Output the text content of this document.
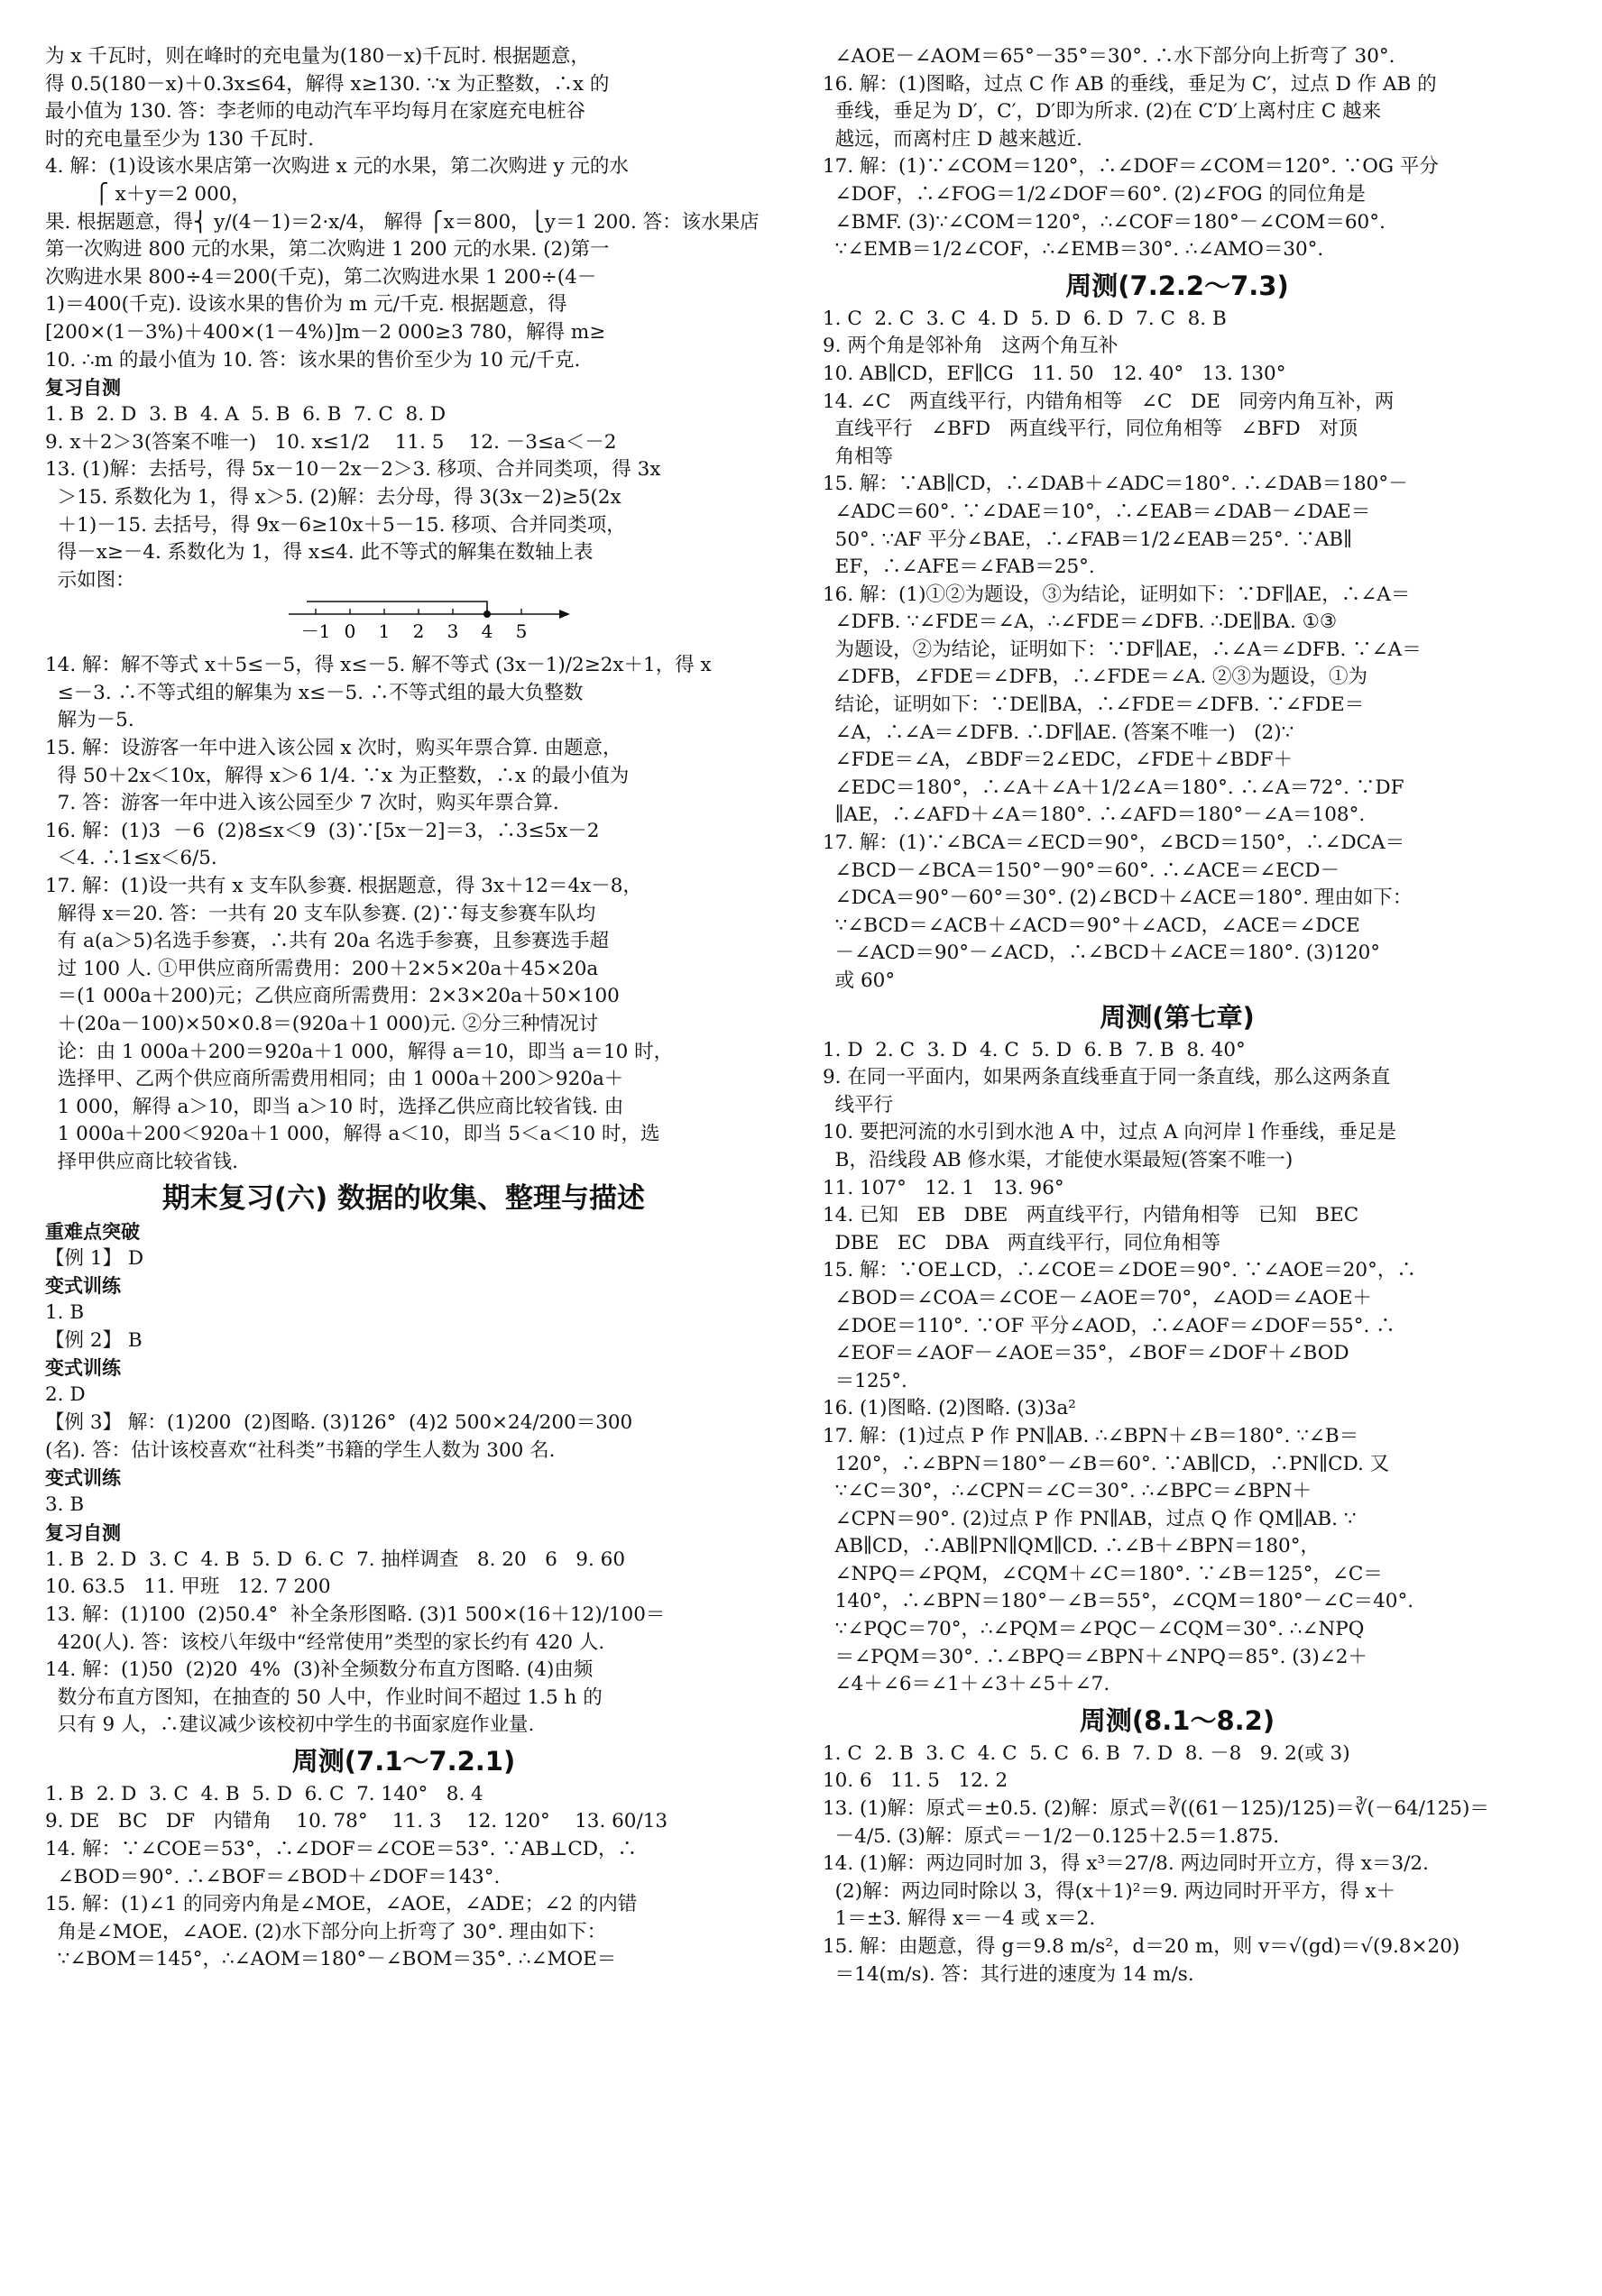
为 x 千瓦时，则在峰时的充电量为(180－x)千瓦时. 根据题意，
得 0.5(180－x)＋0.3x≤64，解得 x≥130. ∵x 为正整数，∴x 的
最小值为 130. 答：李老师的电动汽车平均每月在家庭充电桩谷
时的充电量至少为 130 千瓦时.
4. 解：(1)设该水果店第一次购进 x 元的水果，第二次购进 y 元的水
⎧ x＋y＝2 000，
果. 根据题意，得⎨ y/(4－1)＝2·x/4， 解得 ⎧x＝800，⎩y＝1 200. 答：该水果店
第一次购进 800 元的水果，第二次购进 1 200 元的水果. (2)第一
次购进水果 800÷4＝200(千克)，第二次购进水果 1 200÷(4－
1)＝400(千克). 设该水果的售价为 m 元/千克. 根据题意，得
[200×(1－3%)＋400×(1－4%)]m－2 000≥3 780，解得 m≥
10. ∴m 的最小值为 10. 答：该水果的售价至少为 10 元/千克.
复习自测
1. B  2. D  3. B  4. A  5. B  6. B  7. C  8. D
9. x＋2＞3(答案不唯一)   10. x≤1/2    11. 5    12. －3≤a＜－2
13. (1)解：去括号，得 5x－10－2x－2＞3. 移项、合并同类项，得 3x
＞15. 系数化为 1，得 x＞5. (2)解：去分母，得 3(3x－2)≥5(2x
＋1)－15. 去括号，得 9x－6≥10x＋5－15. 移项、合并同类项，
得－x≥－4. 系数化为 1，得 x≤4. 此不等式的解集在数轴上表
示如图：
－1 0 1 2 3 4 5
14. 解：解不等式 x＋5≤－5，得 x≤－5. 解不等式 (3x－1)/2≥2x＋1，得 x
≤－3. ∴不等式组的解集为 x≤－5. ∴不等式组的最大负整数
解为－5.
15. 解：设游客一年中进入该公园 x 次时，购买年票合算. 由题意，
得 50＋2x＜10x，解得 x＞6 1/4. ∵x 为正整数，∴x 的最小值为
7. 答：游客一年中进入该公园至少 7 次时，购买年票合算.
16. 解：(1)3  －6  (2)8≤x＜9  (3)∵[5x－2]＝3，∴3≤5x－2
＜4. ∴1≤x＜6/5.
17. 解：(1)设一共有 x 支车队参赛. 根据题意，得 3x＋12＝4x－8，
解得 x＝20. 答：一共有 20 支车队参赛. (2)∵每支参赛车队均
有 a(a＞5)名选手参赛，∴共有 20a 名选手参赛，且参赛选手超
过 100 人. ①甲供应商所需费用：200＋2×5×20a＋45×20a
＝(1 000a＋200)元；乙供应商所需费用：2×3×20a＋50×100
＋(20a－100)×50×0.8＝(920a＋1 000)元. ②分三种情况讨
论：由 1 000a＋200＝920a＋1 000，解得 a＝10，即当 a＝10 时，
选择甲、乙两个供应商所需费用相同；由 1 000a＋200＞920a＋
1 000，解得 a＞10，即当 a＞10 时，选择乙供应商比较省钱. 由
1 000a＋200＜920a＋1 000，解得 a＜10，即当 5＜a＜10 时，选
择甲供应商比较省钱.
期末复习(六) 数据的收集、整理与描述
重难点突破
【例 1】 D
变式训练
1. B
【例 2】 B
变式训练
2. D
【例 3】 解：(1)200  (2)图略. (3)126°  (4)2 500×24/200＝300
(名). 答：估计该校喜欢“社科类”书籍的学生人数为 300 名.
变式训练
3. B
复习自测
1. B  2. D  3. C  4. B  5. D  6. C  7. 抽样调查   8. 20   6   9. 60
10. 63.5   11. 甲班   12. 7 200
13. 解：(1)100  (2)50.4°  补全条形图略. (3)1 500×(16＋12)/100＝
420(人). 答：该校八年级中“经常使用”类型的家长约有 420 人.
14. 解：(1)50  (2)20  4%  (3)补全频数分布直方图略. (4)由频
数分布直方图知，在抽查的 50 人中，作业时间不超过 1.5 h 的
只有 9 人，∴建议减少该校初中学生的书面家庭作业量.
周测(7.1～7.2.1)
1. B  2. D  3. C  4. B  5. D  6. C  7. 140°   8. 4
9. DE   BC   DF   内错角    10. 78°    11. 3    12. 120°    13. 60/13
14. 解：∵∠COE＝53°，∴∠DOF＝∠COE＝53°. ∵AB⊥CD，∴
∠BOD＝90°. ∴∠BOF＝∠BOD＋∠DOF＝143°.
15. 解：(1)∠1 的同旁内角是∠MOE，∠AOE，∠ADE；∠2 的内错
角是∠MOE，∠AOE. (2)水下部分向上折弯了 30°. 理由如下：
∵∠BOM＝145°，∴∠AOM＝180°－∠BOM＝35°. ∴∠MOE＝
∠AOE－∠AOM＝65°－35°＝30°. ∴水下部分向上折弯了 30°.
16. 解：(1)图略，过点 C 作 AB 的垂线，垂足为 C′，过点 D 作 AB 的
垂线，垂足为 D′，C′，D′即为所求. (2)在 C′D′上离村庄 C 越来
越远，而离村庄 D 越来越近.
17. 解：(1)∵∠COM＝120°，∴∠DOF＝∠COM＝120°. ∵OG 平分
∠DOF，∴∠FOG＝1/2∠DOF＝60°. (2)∠FOG 的同位角是
∠BMF. (3)∵∠COM＝120°，∴∠COF＝180°－∠COM＝60°.
∵∠EMB＝1/2∠COF，∴∠EMB＝30°. ∴∠AMO＝30°.
周测(7.2.2～7.3)
1. C  2. C  3. C  4. D  5. D  6. D  7. C  8. B
9. 两个角是邻补角   这两个角互补
10. AB∥CD，EF∥CG   11. 50   12. 40°   13. 130°
14. ∠C   两直线平行，内错角相等   ∠C   DE   同旁内角互补，两
直线平行   ∠BFD   两直线平行，同位角相等   ∠BFD   对顶
角相等
15. 解：∵AB∥CD，∴∠DAB＋∠ADC＝180°. ∴∠DAB＝180°－
∠ADC＝60°. ∵∠DAE＝10°，∴∠EAB＝∠DAB－∠DAE＝
50°. ∵AF 平分∠BAE，∴∠FAB＝1/2∠EAB＝25°. ∵AB∥
EF，∴∠AFE＝∠FAB＝25°.
16. 解：(1)①②为题设，③为结论，证明如下：∵DF∥AE，∴∠A＝
∠DFB. ∵∠FDE＝∠A，∴∠FDE＝∠DFB. ∴DE∥BA. ①③
为题设，②为结论，证明如下：∵DF∥AE，∴∠A＝∠DFB. ∵∠A＝
∠DFB，∠FDE＝∠DFB，∴∠FDE＝∠A. ②③为题设，①为
结论，证明如下：∵DE∥BA，∴∠FDE＝∠DFB. ∵∠FDE＝
∠A，∴∠A＝∠DFB. ∴DF∥AE. (答案不唯一)   (2)∵
∠FDE＝∠A，∠BDF＝2∠EDC，∠FDE＋∠BDF＋
∠EDC＝180°，∴∠A＋∠A＋1/2∠A＝180°. ∴∠A＝72°. ∵DF
∥AE，∴∠AFD＋∠A＝180°. ∴∠AFD＝180°－∠A＝108°.
17. 解：(1)∵∠BCA＝∠ECD＝90°，∠BCD＝150°，∴∠DCA＝
∠BCD－∠BCA＝150°－90°＝60°. ∴∠ACE＝∠ECD－
∠DCA＝90°－60°＝30°. (2)∠BCD＋∠ACE＝180°. 理由如下：
∵∠BCD＝∠ACB＋∠ACD＝90°＋∠ACD，∠ACE＝∠DCE
－∠ACD＝90°－∠ACD，∴∠BCD＋∠ACE＝180°. (3)120°
或 60°
周测(第七章)
1. D  2. C  3. D  4. C  5. D  6. B  7. B  8. 40°
9. 在同一平面内，如果两条直线垂直于同一条直线，那么这两条直
线平行
10. 要把河流的水引到水池 A 中，过点 A 向河岸 l 作垂线，垂足是
B，沿线段 AB 修水渠，才能使水渠最短(答案不唯一)
11. 107°   12. 1   13. 96°
14. 已知   EB   DBE   两直线平行，内错角相等   已知   BEC
DBE   EC   DBA   两直线平行，同位角相等
15. 解：∵OE⊥CD，∴∠COE＝∠DOE＝90°. ∵∠AOE＝20°，∴
∠BOD＝∠COA＝∠COE－∠AOE＝70°，∠AOD＝∠AOE＋
∠DOE＝110°. ∵OF 平分∠AOD，∴∠AOF＝∠DOF＝55°. ∴
∠EOF＝∠AOF－∠AOE＝35°，∠BOF＝∠DOF＋∠BOD
＝125°.
16. (1)图略. (2)图略. (3)3a²
17. 解：(1)过点 P 作 PN∥AB. ∴∠BPN＋∠B＝180°. ∵∠B＝
120°，∴∠BPN＝180°－∠B＝60°. ∵AB∥CD，∴PN∥CD. 又
∵∠C＝30°，∴∠CPN＝∠C＝30°. ∴∠BPC＝∠BPN＋
∠CPN＝90°. (2)过点 P 作 PN∥AB，过点 Q 作 QM∥AB. ∵
AB∥CD，∴AB∥PN∥QM∥CD. ∴∠B＋∠BPN＝180°，
∠NPQ＝∠PQM，∠CQM＋∠C＝180°. ∵∠B＝125°，∠C＝
140°，∴∠BPN＝180°－∠B＝55°，∠CQM＝180°－∠C＝40°.
∵∠PQC＝70°，∴∠PQM＝∠PQC－∠CQM＝30°. ∴∠NPQ
＝∠PQM＝30°. ∴∠BPQ＝∠BPN＋∠NPQ＝85°. (3)∠2＋
∠4＋∠6＝∠1＋∠3＋∠5＋∠7.
周测(8.1～8.2)
1. C  2. B  3. C  4. C  5. C  6. B  7. D  8. －8   9. 2(或 3)
10. 6   11. 5   12. 2
13. (1)解：原式＝±0.5. (2)解：原式＝∛((61－125)/125)＝∛(－64/125)＝
－4/5. (3)解：原式＝－1/2－0.125＋2.5＝1.875.
14. (1)解：两边同时加 3，得 x³＝27/8. 两边同时开立方，得 x＝3/2.
(2)解：两边同时除以 3，得(x＋1)²＝9. 两边同时开平方，得 x＋
1＝±3. 解得 x＝－4 或 x＝2.
15. 解：由题意，得 g＝9.8 m/s²，d＝20 m，则 v＝√(gd)＝√(9.8×20)
＝14(m/s). 答：其行进的速度为 14 m/s.
